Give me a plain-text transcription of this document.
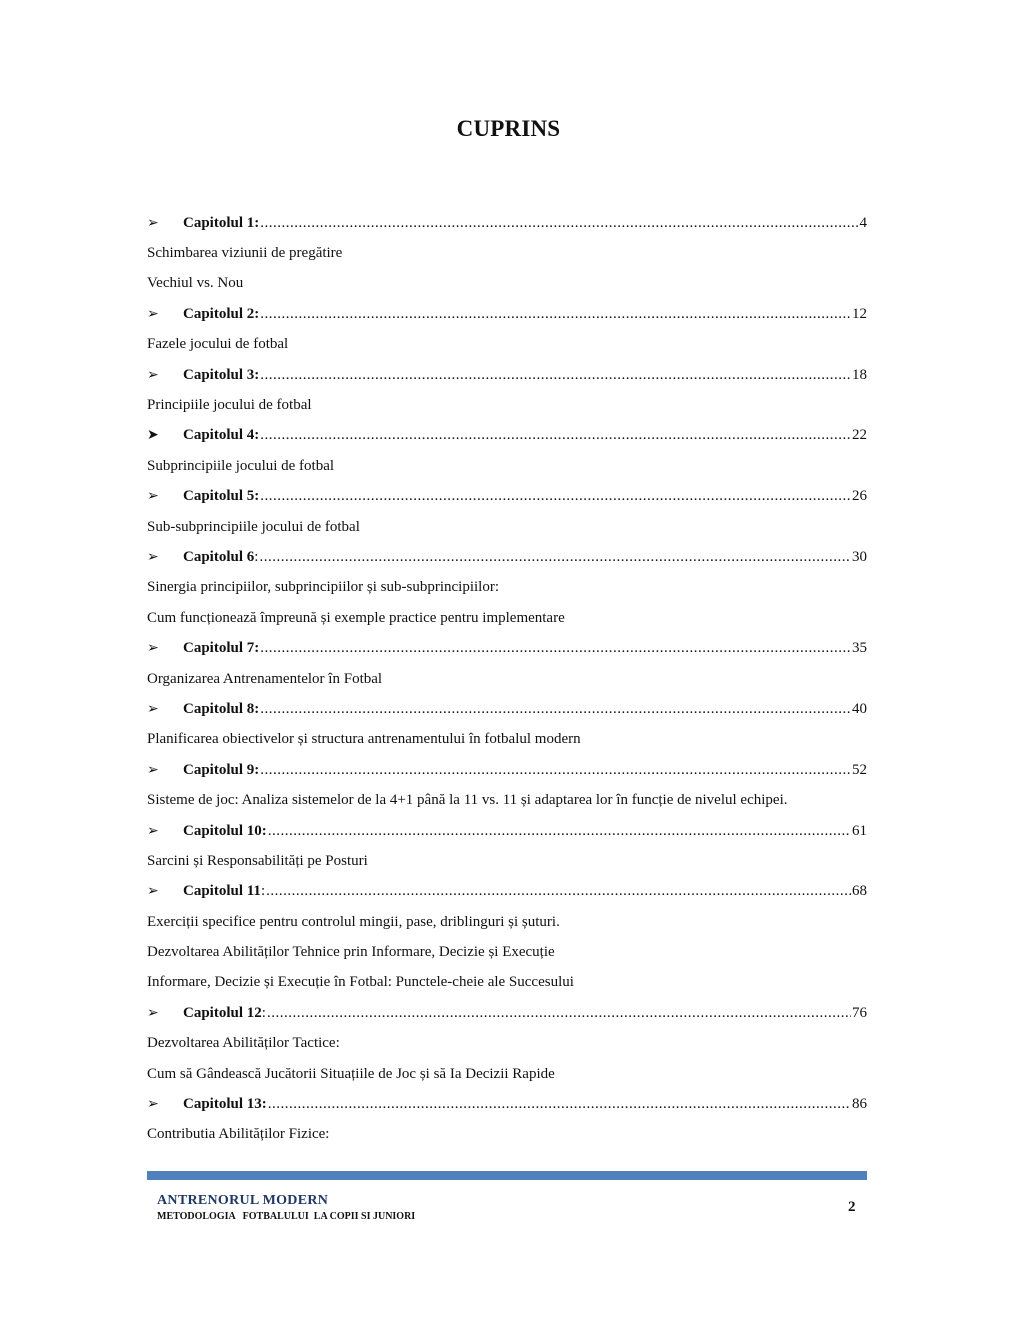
CUPRINS
➢	Capitolul 1: .....	4
Schimbarea viziunii de pregătire
Vechiul vs. Nou
➢	Capitolul 2: .....	12
Fazele jocului de fotbal
➢	Capitolul 3: .....	18
Principiile jocului de fotbal
➤	Capitolul 4: .....	22
Subprincipiile jocului de fotbal
➢	Capitolul 5: .....	26
Sub-subprincipiile jocului de fotbal
➢	Capitolul 6 : .....	30
Sinergia principiilor, subprincipiilor și sub-subprincipiilor:
Cum funcționează împreună și exemple practice pentru implementare
➢	Capitolul 7: .....	35
Organizarea Antrenamentelor în Fotbal
➢	Capitolul 8: .....	40
Planificarea obiectivelor și structura antrenamentului în fotbalul modern
➢	Capitolul 9: .....	52
Sisteme de joc: Analiza sistemelor de la 4+1 până la 11 vs. 11 și adaptarea lor în funcție de nivelul echipei.
➢	Capitolul 10: .....	61
Sarcini și Responsabilități pe Posturi
➢	Capitolul 11 : .....	68
Exerciții specifice pentru controlul mingii, pase, driblinguri și șuturi.
Dezvoltarea Abilităților Tehnice prin Informare, Decizie și Execuție
Informare, Decizie și Execuție în Fotbal: Punctele-cheie ale Succesului
➢	Capitolul 12 : .....	76
Dezvoltarea Abilităților Tactice:
Cum să Gândească Jucătorii Situațiile de Joc și să Ia Decizii Rapide
➢	Capitolul 13: .....	86
Contributia Abilităților Fizice:
ANTRENORUL MODERN
METODOLOGIA   FOTBALULUI  LA COPII SI JUNIORI
2
